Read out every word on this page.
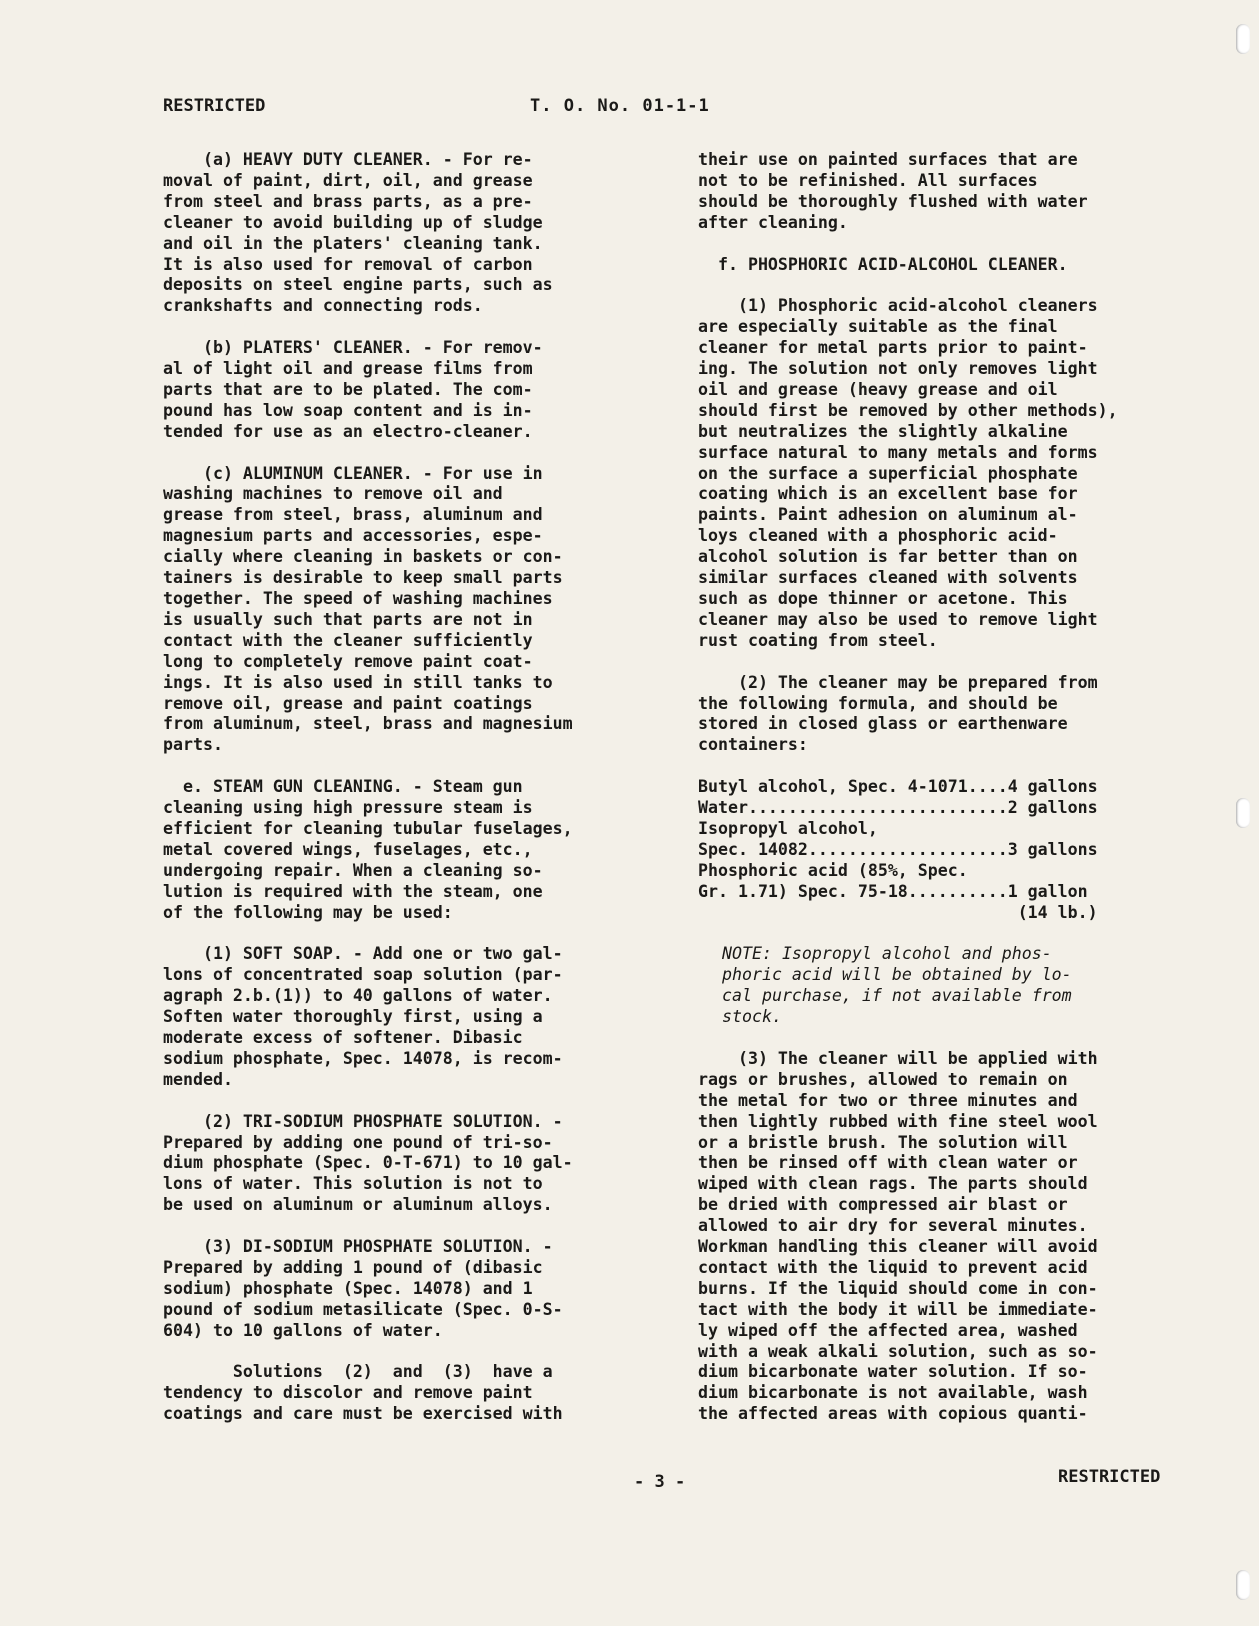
RESTRICTED	T. O. No. 01-1-1

(a) HEAVY DUTY CLEANER. - For re-
moval of paint, dirt, oil, and grease
from steel and brass parts, as a pre-
cleaner to avoid building up of sludge
and oil in the platers' cleaning tank.
It is also used for removal of carbon
deposits on steel engine parts, such as
crankshafts and connecting rods.

(b) PLATERS' CLEANER. - For remov-
al of light oil and grease films from
parts that are to be plated. The com-
pound has low soap content and is in-
tended for use as an electro-cleaner.

(c) ALUMINUM CLEANER. - For use in
washing machines to remove oil and
grease from steel, brass, aluminum and
magnesium parts and accessories, espe-
cially where cleaning in baskets or con-
tainers is desirable to keep small parts
together. The speed of washing machines
is usually such that parts are not in
contact with the cleaner sufficiently
long to completely remove paint coat-
ings. It is also used in still tanks to
remove oil, grease and paint coatings
from aluminum, steel, brass and magnesium
parts.

e. STEAM GUN CLEANING. - Steam gun
cleaning using high pressure steam is
efficient for cleaning tubular fuselages,
metal covered wings, fuselages, etc.,
undergoing repair. When a cleaning so-
lution is required with the steam, one
of the following may be used:

(1) SOFT SOAP. - Add one or two gal-
lons of concentrated soap solution (par-
agraph 2.b.(1)) to 40 gallons of water.
Soften water thoroughly first, using a
moderate excess of softener. Dibasic
sodium phosphate, Spec. 14078, is recom-
mended.

(2) TRI-SODIUM PHOSPHATE SOLUTION. -
Prepared by adding one pound of tri-so-
dium phosphate (Spec. 0-T-671) to 10 gal-
lons of water. This solution is not to
be used on aluminum or aluminum alloys.

(3) DI-SODIUM PHOSPHATE SOLUTION. -
Prepared by adding 1 pound of (dibasic
sodium) phosphate (Spec. 14078) and 1
pound of sodium metasilicate (Spec. 0-S-
604) to 10 gallons of water.

Solutions  (2)  and  (3)  have a
tendency to discolor and remove paint
coatings and care must be exercised with

their use on painted surfaces that are
not to be refinished. All surfaces
should be thoroughly flushed with water
after cleaning.

f. PHOSPHORIC ACID-ALCOHOL CLEANER.

(1) Phosphoric acid-alcohol cleaners
are especially suitable as the final
cleaner for metal parts prior to paint-
ing. The solution not only removes light
oil and grease (heavy grease and oil
should first be removed by other methods),
but neutralizes the slightly alkaline
surface natural to many metals and forms
on the surface a superficial phosphate
coating which is an excellent base for
paints. Paint adhesion on aluminum al-
loys cleaned with a phosphoric acid-
alcohol solution is far better than on
similar surfaces cleaned with solvents
such as dope thinner or acetone. This
cleaner may also be used to remove light
rust coating from steel.

(2) The cleaner may be prepared from
the following formula, and should be
stored in closed glass or earthenware
containers:

Butyl alcohol, Spec. 4-1071....4 gallons
Water..........................2 gallons
Isopropyl alcohol,
Spec. 14082....................3 gallons
Phosphoric acid (85%, Spec.
Gr. 1.71) Spec. 75-18..........1 gallon
(14 lb.)

NOTE: Isopropyl alcohol and phos-
phoric acid will be obtained by lo-
cal purchase, if not available from
stock.

(3) The cleaner will be applied with
rags or brushes, allowed to remain on
the metal for two or three minutes and
then lightly rubbed with fine steel wool
or a bristle brush. The solution will
then be rinsed off with clean water or
wiped with clean rags. The parts should
be dried with compressed air blast or
allowed to air dry for several minutes.
Workman handling this cleaner will avoid
contact with the liquid to prevent acid
burns. If the liquid should come in con-
tact with the body it will be immediate-
ly wiped off the affected area, washed
with a weak alkali solution, such as so-
dium bicarbonate water solution. If so-
dium bicarbonate is not available, wash
the affected areas with copious quanti-

- 3 -	RESTRICTED
